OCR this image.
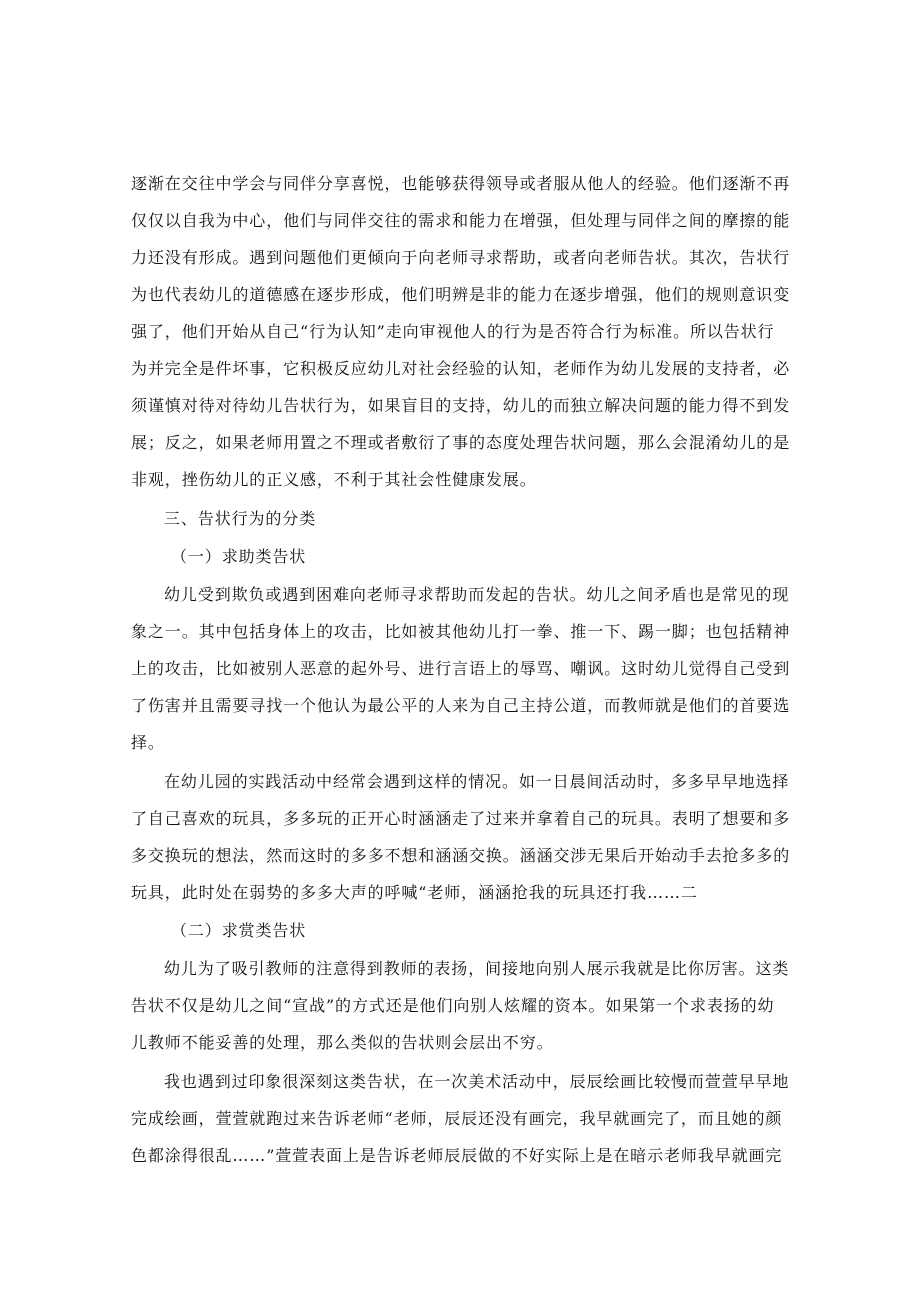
逐渐在交往中学会与同伴分享喜悦，也能够获得领导或者服从他人的经验。他们逐渐不再
仅仅以自我为中心，他们与同伴交往的需求和能力在增强，但处理与同伴之间的摩擦的能
力还没有形成。遇到问题他们更倾向于向老师寻求帮助，或者向老师告状。其次，告状行
为也代表幼儿的道德感在逐步形成，他们明辨是非的能力在逐步增强，他们的规则意识变
强了，他们开始从自己“行为认知”走向审视他人的行为是否符合行为标准。所以告状行
为并完全是件坏事，它积极反应幼儿对社会经验的认知，老师作为幼儿发展的支持者，必
须谨慎对待对待幼儿告状行为，如果盲目的支持，幼儿的而独立解决问题的能力得不到发
展；反之，如果老师用置之不理或者敷衍了事的态度处理告状问题，那么会混淆幼儿的是
非观，挫伤幼儿的正义感，不利于其社会性健康发展。
三、告状行为的分类
（一）求助类告状
幼儿受到欺负或遇到困难向老师寻求帮助而发起的告状。幼儿之间矛盾也是常见的现
象之一。其中包括身体上的攻击，比如被其他幼儿打一拳、推一下、踢一脚；也包括精神
上的攻击，比如被别人恶意的起外号、进行言语上的辱骂、嘲讽。这时幼儿觉得自己受到
了伤害并且需要寻找一个他认为最公平的人来为自己主持公道，而教师就是他们的首要选
择。
在幼儿园的实践活动中经常会遇到这样的情况。如一日晨间活动时，多多早早地选择
了自己喜欢的玩具，多多玩的正开心时涵涵走了过来并拿着自己的玩具。表明了想要和多
多交换玩的想法，然而这时的多多不想和涵涵交换。涵涵交涉无果后开始动手去抢多多的
玩具，此时处在弱势的多多大声的呼喊“老师，涵涵抢我的玩具还打我……二
（二）求赏类告状
幼儿为了吸引教师的注意得到教师的表扬，间接地向别人展示我就是比你厉害。这类
告状不仅是幼儿之间“宣战”的方式还是他们向别人炫耀的资本。如果第一个求表扬的幼
儿教师不能妥善的处理，那么类似的告状则会层出不穷。
我也遇到过印象很深刻这类告状，在一次美术活动中，辰辰绘画比较慢而萱萱早早地
完成绘画，萱萱就跑过来告诉老师“老师，辰辰还没有画完，我早就画完了，而且她的颜
色都涂得很乱……”萱萱表面上是告诉老师辰辰做的不好实际上是在暗示老师我早就画完
